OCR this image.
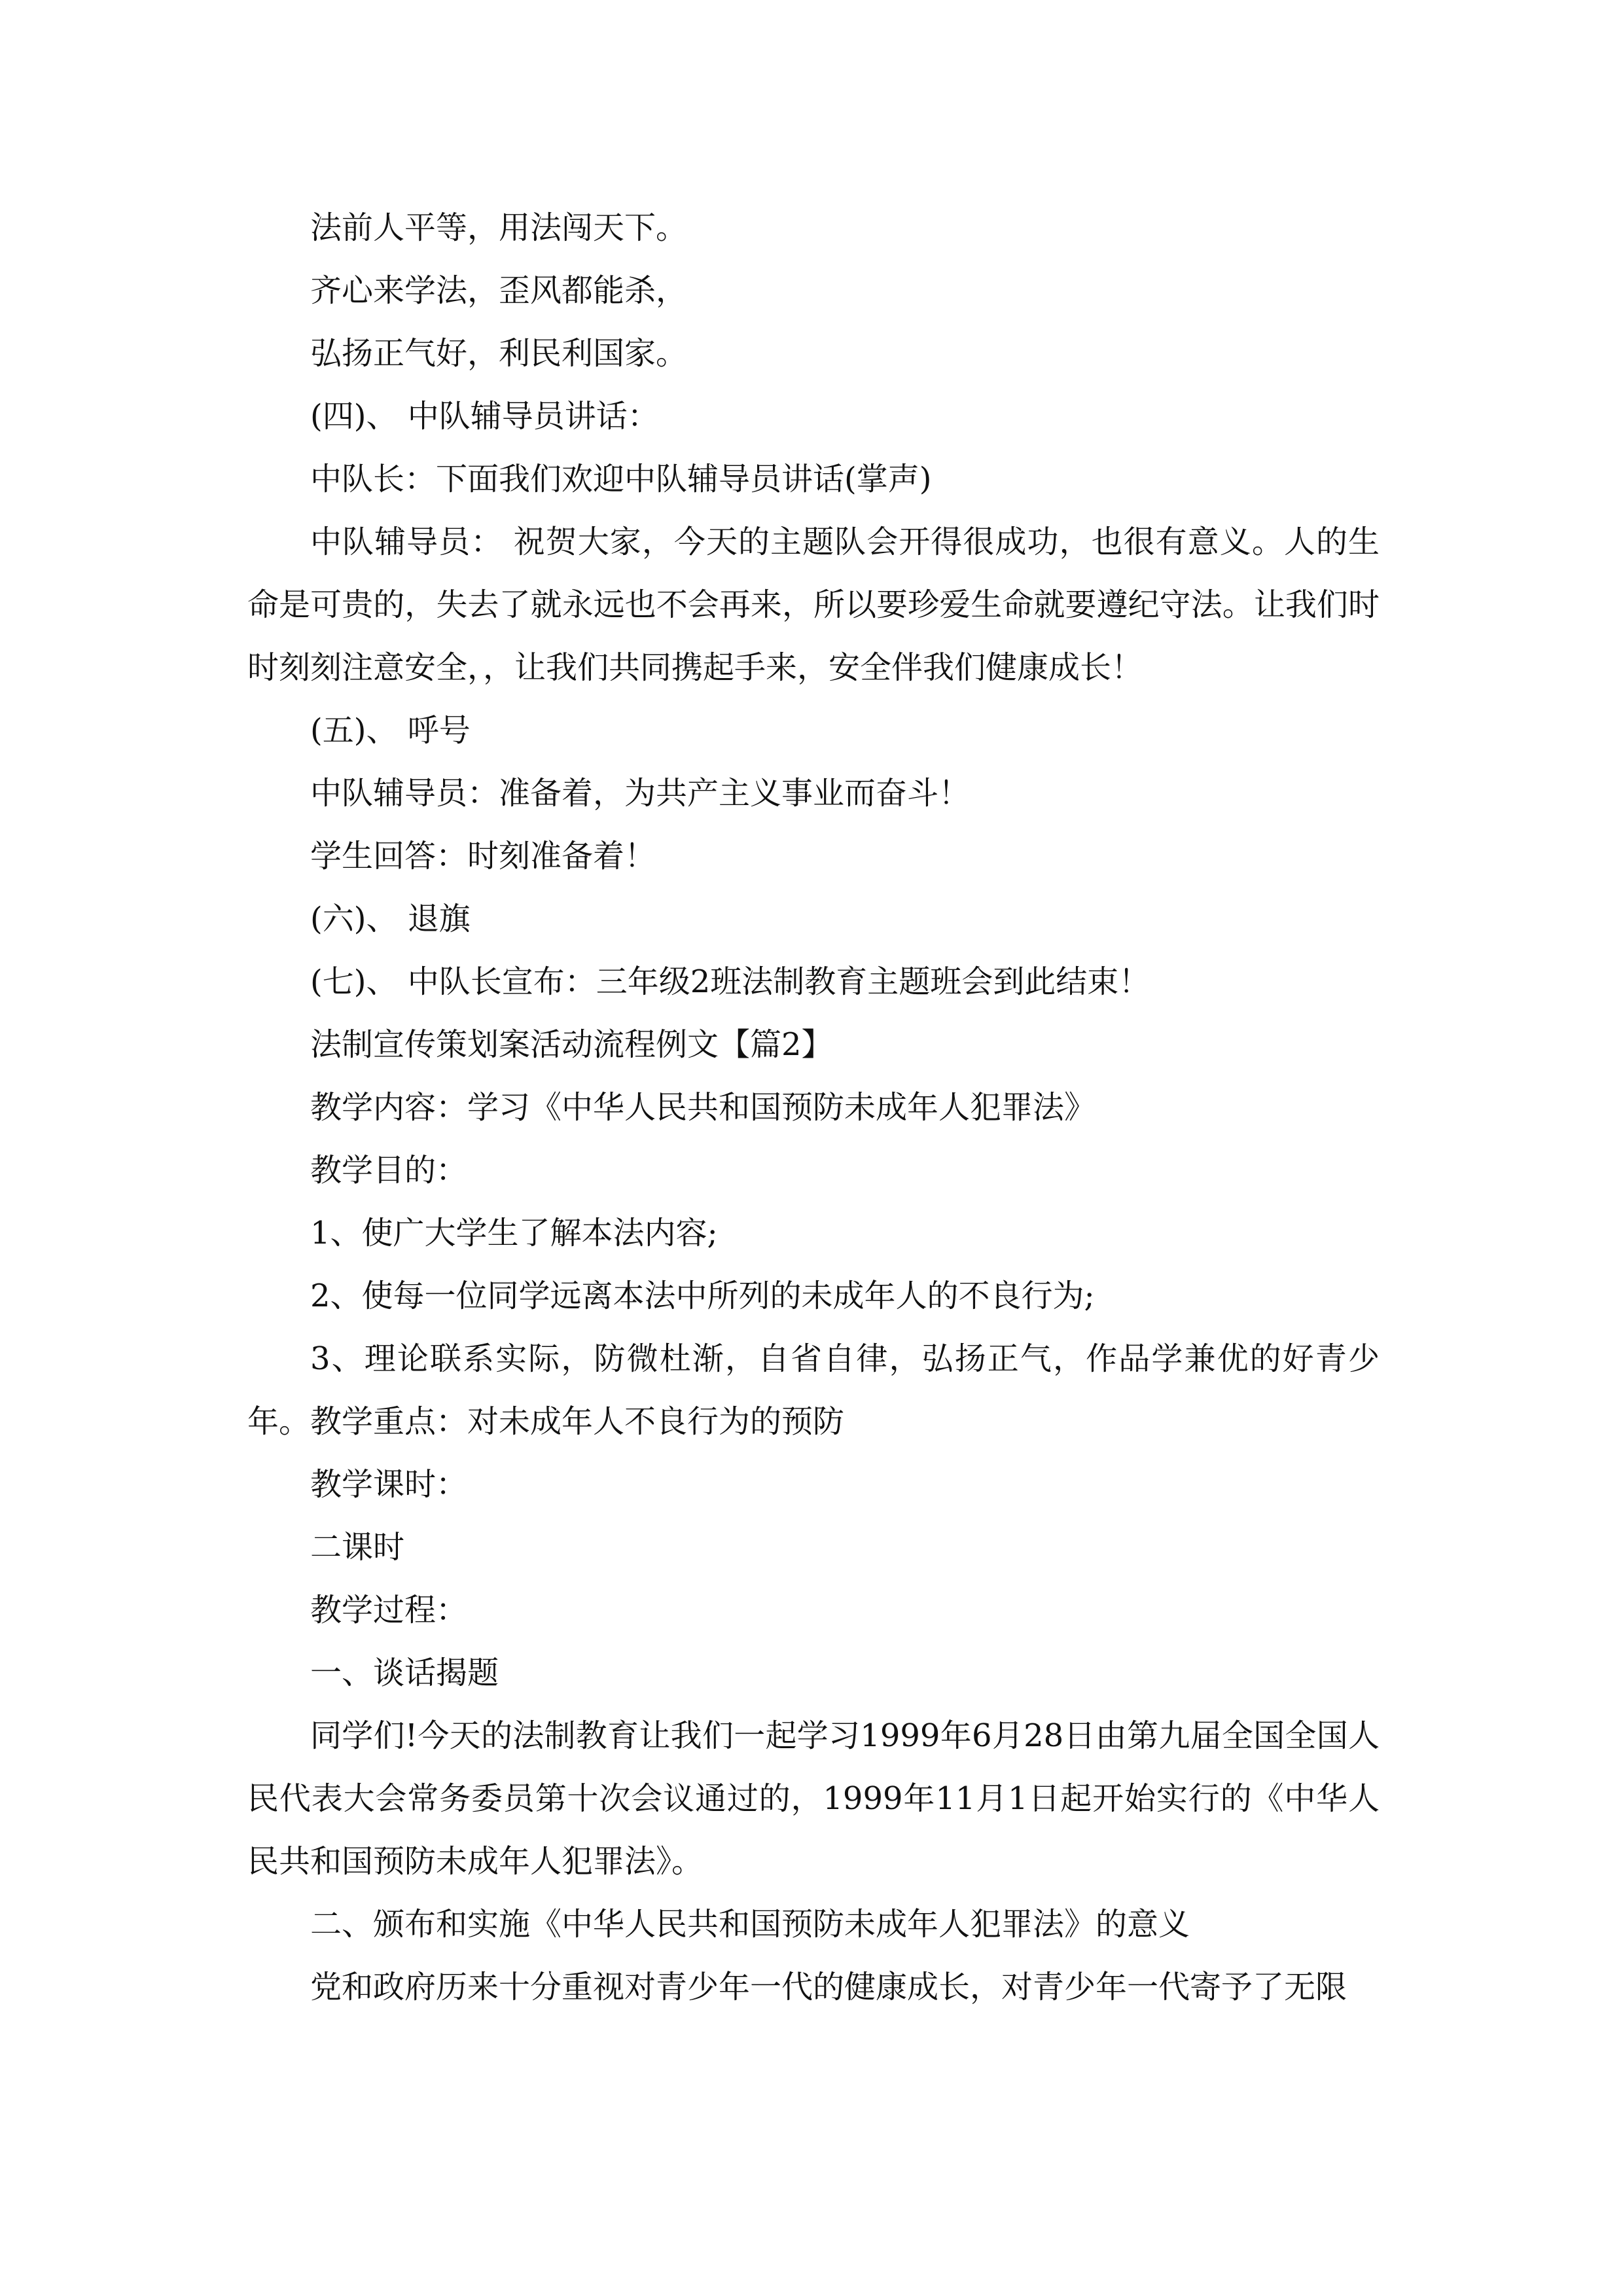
法前人平等，用法闯天下。

齐心来学法，歪风都能杀，

弘扬正气好，利民利国家。

(四)、 中队辅导员讲话：

中队长：下面我们欢迎中队辅导员讲话(掌声)

中队辅导员： 祝贺大家，今天的主题队会开得很成功，也很有意义。人的生命是可贵的，失去了就永远也不会再来，所以要珍爱生命就要遵纪守法。让我们时时刻刻注意安全，，让我们共同携起手来，安全伴我们健康成长！

(五)、 呼号

中队辅导员：准备着，为共产主义事业而奋斗！

学生回答：时刻准备着！

(六)、 退旗

(七)、 中队长宣布：三年级2班法制教育主题班会到此结束！

法制宣传策划案活动流程例文【篇2】

教学内容：学习《中华人民共和国预防未成年人犯罪法》

教学目的：

1、使广大学生了解本法内容;

2、使每一位同学远离本法中所列的未成年人的不良行为;

3、理论联系实际，防微杜渐，自省自律，弘扬正气，作品学兼优的好青少年。教学重点：对未成年人不良行为的预防

教学课时：

二课时

教学过程：

一、谈话揭题

同学们!今天的法制教育让我们一起学习1999年6月28日由第九届全国全国人民代表大会常务委员第十次会议通过的，1999年11月1日起开始实行的《中华人民共和国预防未成年人犯罪法》。

二、颁布和实施《中华人民共和国预防未成年人犯罪法》的意义

党和政府历来十分重视对青少年一代的健康成长，对青少年一代寄予了无限
